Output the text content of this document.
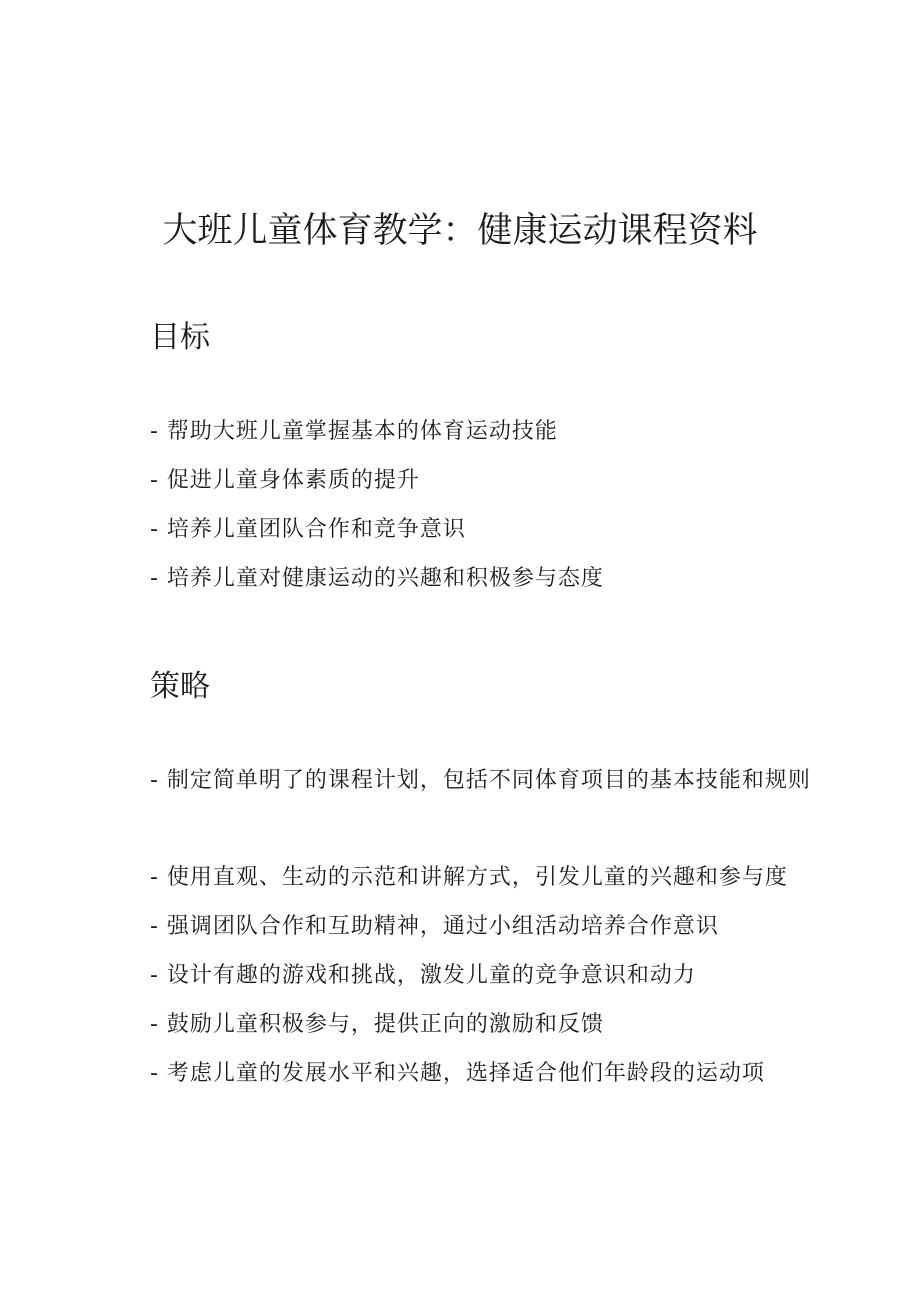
大班儿童体育教学：健康运动课程资料
目标
- 帮助大班儿童掌握基本的体育运动技能
- 促进儿童身体素质的提升
- 培养儿童团队合作和竞争意识
- 培养儿童对健康运动的兴趣和积极参与态度
策略
- 制定简单明了的课程计划，包括不同体育项目的基本技能和规则
- 使用直观、生动的示范和讲解方式，引发儿童的兴趣和参与度
- 强调团队合作和互助精神，通过小组活动培养合作意识
- 设计有趣的游戏和挑战，激发儿童的竞争意识和动力
- 鼓励儿童积极参与，提供正向的激励和反馈
- 考虑儿童的发展水平和兴趣，选择适合他们年龄段的运动项
